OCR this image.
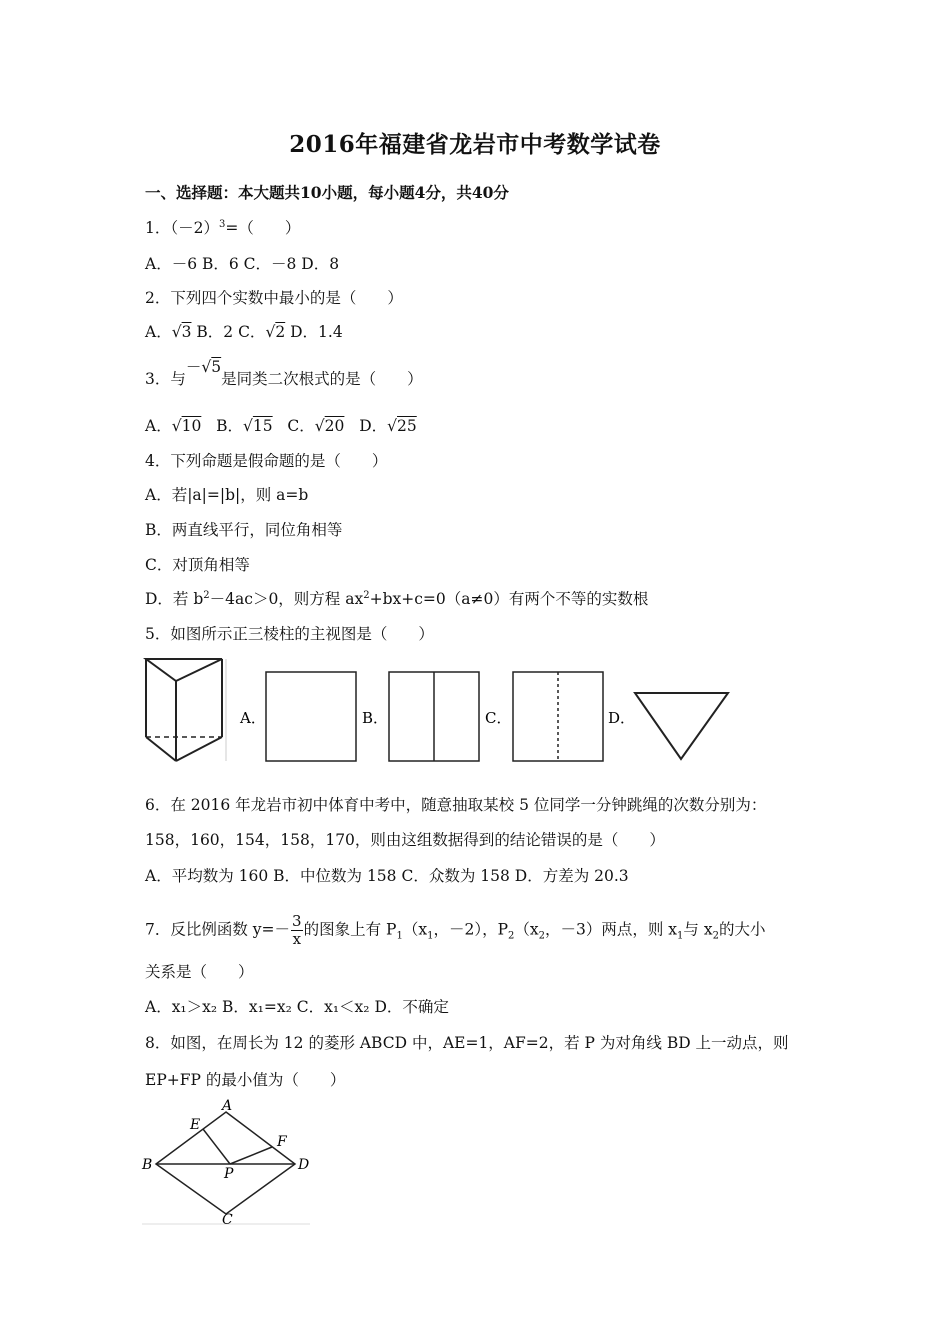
2016年福建省龙岩市中考数学试卷
一、选择题：本大题共10小题，每小题4分，共40分
1．$(-2)^3=$（　　）
A．－6 B．6 C．－8 D．8
2．下列四个实数中最小的是（　　）
A．√3 B．2 C．√2 D．1.4
3．与－√5是同类二次根式的是（　　）
A．√10 B．√15 C．√20 D．√25
4．下列命题是假命题的是（　　）
A．若|a|=|b|，则 a=b
B．两直线平行，同位角相等
C．对顶角相等
D．若 $b^2-4ac>0$，则方程 $ax^2+bx+c=0(a\ne 0)$有两个不等的实数根
5．如图所示正三棱柱的主视图是（　　）
A．	B．	C．	D．
6．在 2016 年龙岩市初中体育中考中，随意抽取某校 5 位同学一分钟跳绳的次数分别为：
158，160，154，158，170，则由这组数据得到的结论错误的是（　　）
A．平均数为 160 B．中位数为 158 C．众数为 158 D．方差为 20.3
7．反比例函数 $y=- \frac{3}{x}$ 的图象上有 $P_1(x_1$，－2），$P_2(x_2$，－3）两点，则 $x_1$与 $x_2$的大小
关系是（　　）
A．x₁＞x₂ B．x₁=x₂ C．x₁＜x₂ D．不确定
8．如图，在周长为 12 的菱形 ABCD 中，AE=1，AF=2，若 P 为对角线 BD 上一动点，则
EP+FP 的最小值为（　　）
A
B
C
D
E
F
P
